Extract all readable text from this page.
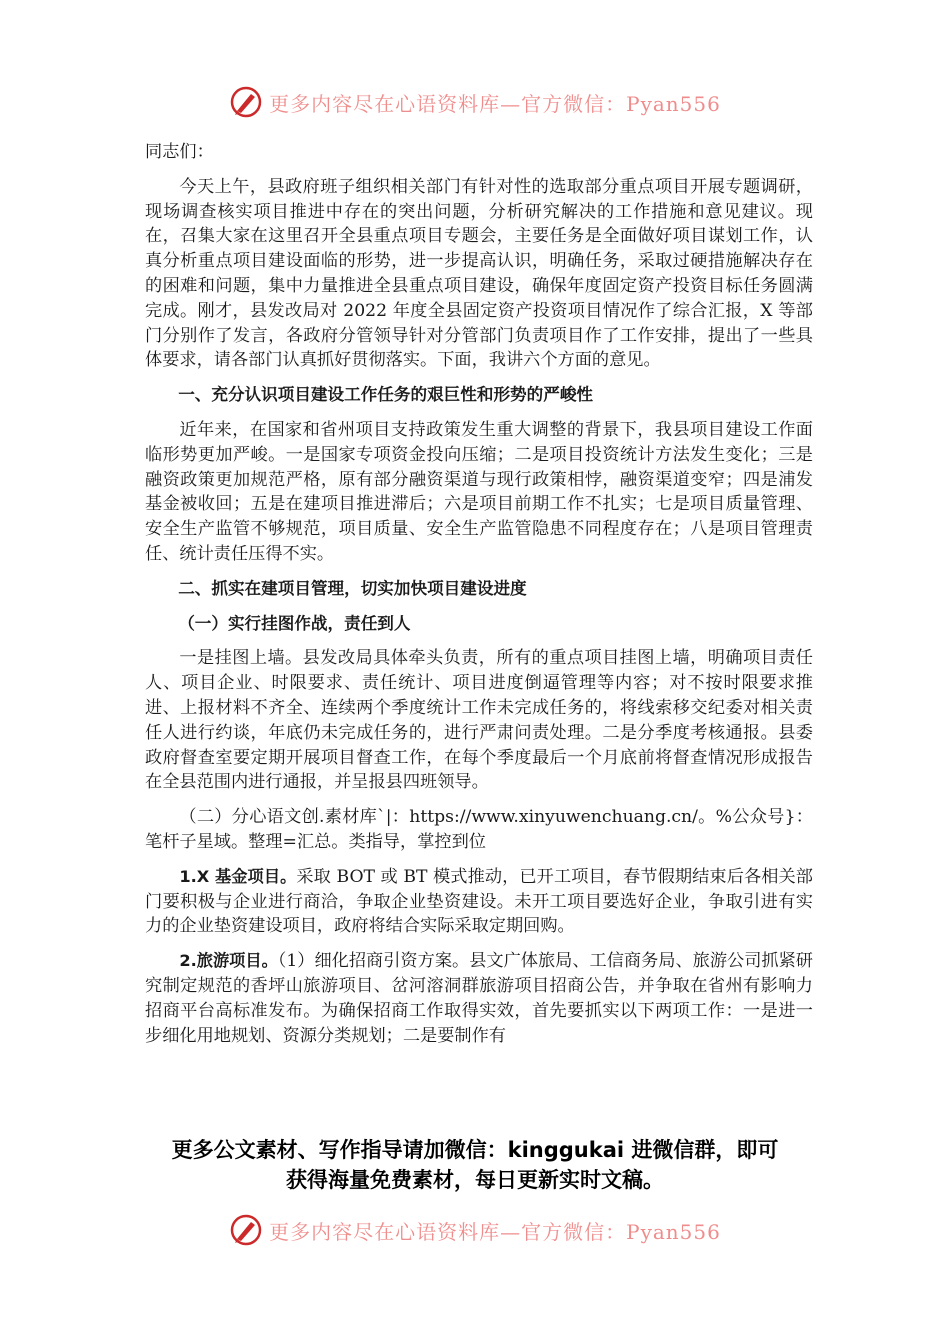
更多内容尽在心语资料库—官方微信：Pyan556

同志们：

今天上午，县政府班子组织相关部门有针对性的选取部分重点项目开展专题调研，现场调查核实项目推进中存在的突出问题，分析研究解决的工作措施和意见建议。现在，召集大家在这里召开全县重点项目专题会，主要任务是全面做好项目谋划工作，认真分析重点项目建设面临的形势，进一步提高认识，明确任务，采取过硬措施解决存在的困难和问题，集中力量推进全县重点项目建设，确保年度固定资产投资目标任务圆满完成。刚才，县发改局对 2022 年度全县固定资产投资项目情况作了综合汇报，X 等部门分别作了发言，各政府分管领导针对分管部门负责项目作了工作安排，提出了一些具体要求，请各部门认真抓好贯彻落实。下面，我讲六个方面的意见。

一、充分认识项目建设工作任务的艰巨性和形势的严峻性

近年来，在国家和省州项目支持政策发生重大调整的背景下，我县项目建设工作面临形势更加严峻。一是国家专项资金投向压缩；二是项目投资统计方法发生变化；三是融资政策更加规范严格，原有部分融资渠道与现行政策相悖，融资渠道变窄；四是浦发基金被收回；五是在建项目推进滞后；六是项目前期工作不扎实；七是项目质量管理、安全生产监管不够规范，项目质量、安全生产监管隐患不同程度存在；八是项目管理责任、统计责任压得不实。

二、抓实在建项目管理，切实加快项目建设进度

（一）实行挂图作战，责任到人

一是挂图上墙。县发改局具体牵头负责，所有的重点项目挂图上墙，明确项目责任人、项目企业、时限要求、责任统计、项目进度倒逼管理等内容；对不按时限要求推进、上报材料不齐全、连续两个季度统计工作未完成任务的，将线索移交纪委对相关责任人进行约谈，年底仍未完成任务的，进行严肃问责处理。二是分季度考核通报。县委政府督查室要定期开展项目督查工作，在每个季度最后一个月底前将督查情况形成报告在全县范围内进行通报，并呈报县四班领导。

（二）分心语文创.素材库`|：https://www.xinyuwenchuang.cn/。%公众号}：笔杆子星域。整理=汇总。类指导，掌控到位

1.X 基金项目。采取 BOT 或 BT 模式推动，已开工项目，春节假期结束后各相关部门要积极与企业进行商洽，争取企业垫资建设。未开工项目要选好企业，争取引进有实力的企业垫资建设项目，政府将结合实际采取定期回购。

2.旅游项目。（1）细化招商引资方案。县文广体旅局、工信商务局、旅游公司抓紧研究制定规范的香坪山旅游项目、岔河溶洞群旅游项目招商公告，并争取在省州有影响力招商平台高标准发布。为确保招商工作取得实效，首先要抓实以下两项工作：一是进一步细化用地规划、资源分类规划；二是要制作有

更多公文素材、写作指导请加微信：kinggukai 进微信群，即可
获得海量免费素材，每日更新实时文稿。
更多内容尽在心语资料库—官方微信：Pyan556
